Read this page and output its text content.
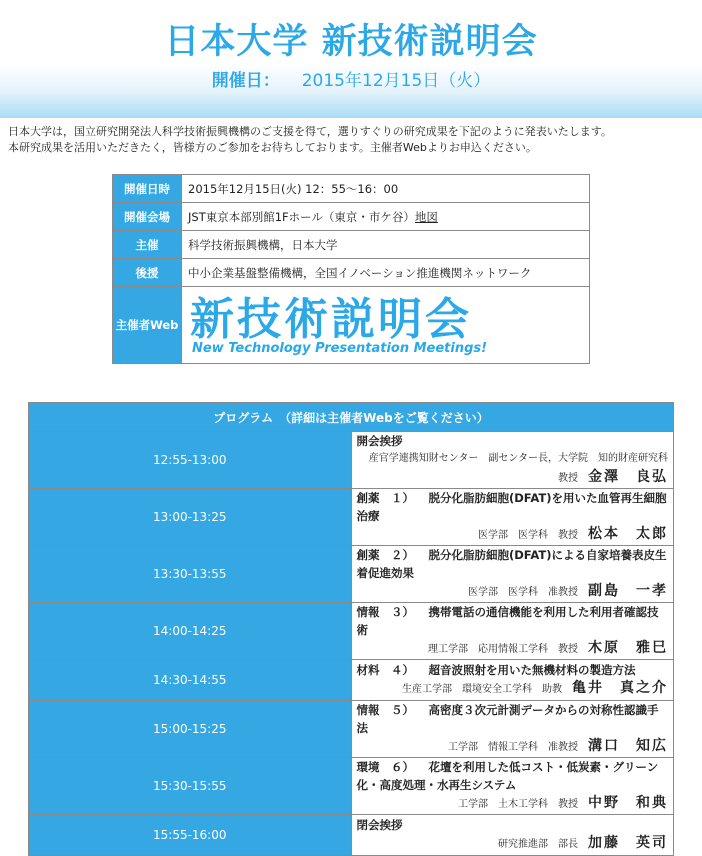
日本大学 新技術説明会
開催日： 2015年12月15日（火）

日本大学は，国立研究開発法人科学技術振興機構のご支援を得て，選りすぐりの研究成果を下記のように発表いたします。

本研究成果を活用いただきたく，皆様方のご参加をお待ちしております。主催者Webよりお申込ください。

開催日時	2015年12月15日(火) 12：55～16：00
開催会場	JST東京本部別館1Fホール（東京・市ケ谷）地図
主催	科学技術振興機構，日本大学
後援	中小企業基盤整備機構，全国イノベーション推進機関ネットワーク
主催者Web	新技術説明会
New Technology Presentation Meetings!
プログラム　（詳細は主催者Webをご覧ください）	
12:55-13:00	開会挨拶
産官学連携知財センター　副センター長，大学院　知的財産研究科　教授 金澤　良弘

13:00-13:25	創薬　１） 脱分化脂肪細胞(DFAT)を用いた血管再生細胞治療
医学部　医学科　教授 松本　太郎

13:30-13:55	創薬　２） 脱分化脂肪細胞(DFAT)による自家培養表皮生着促進効果
医学部　医学科　准教授 副島　一孝

14:00-14:25	情報　３） 携帯電話の通信機能を利用した利用者確認技術
理工学部　応用情報工学科　教授 木原　雅巳

14:30-14:55	材料　４） 超音波照射を用いた無機材料の製造方法
生産工学部　環境安全工学科　助教 亀井　真之介

15:00-15:25	情報　５） 高密度３次元計測データからの対称性認識手法
工学部　情報工学科　准教授 溝口　知広

15:30-15:55	環境　６） 花壇を利用した低コスト・低炭素・グリーン化・高度処理・水再生システム
工学部　土木工学科　教授 中野　和典

15:55-16:00	閉会挨拶
研究推進部　部長 加藤　英司
